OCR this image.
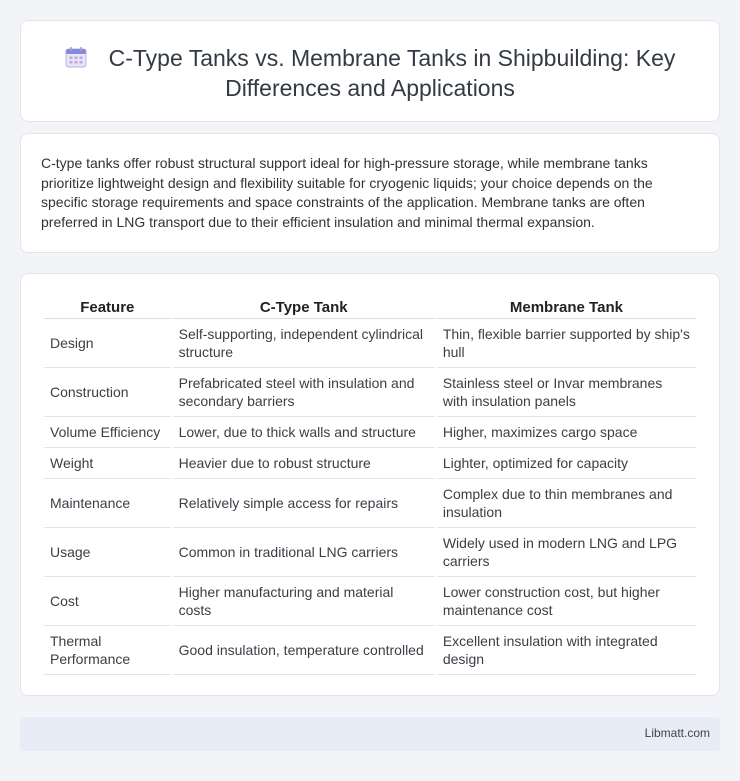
C-Type Tanks vs. Membrane Tanks in Shipbuilding: Key Differences and Applications

C-type tanks offer robust structural support ideal for high-pressure storage, while membrane tanks prioritize lightweight design and flexibility suitable for cryogenic liquids; your choice depends on the specific storage requirements and space constraints of the application. Membrane tanks are often preferred in LNG transport due to their efficient insulation and minimal thermal expansion.

Feature	C-Type Tank	Membrane Tank
Design	Self-supporting, independent cylindrical structure	Thin, flexible barrier supported by ship's hull
Construction	Prefabricated steel with insulation and secondary barriers	Stainless steel or Invar membranes with insulation panels
Volume Efficiency	Lower, due to thick walls and structure	Higher, maximizes cargo space
Weight	Heavier due to robust structure	Lighter, optimized for capacity
Maintenance	Relatively simple access for repairs	Complex due to thin membranes and insulation
Usage	Common in traditional LNG carriers	Widely used in modern LNG and LPG carriers
Cost	Higher manufacturing and material costs	Lower construction cost, but higher maintenance cost
Thermal Performance	Good insulation, temperature controlled	Excellent insulation with integrated design
Libmatt.com
